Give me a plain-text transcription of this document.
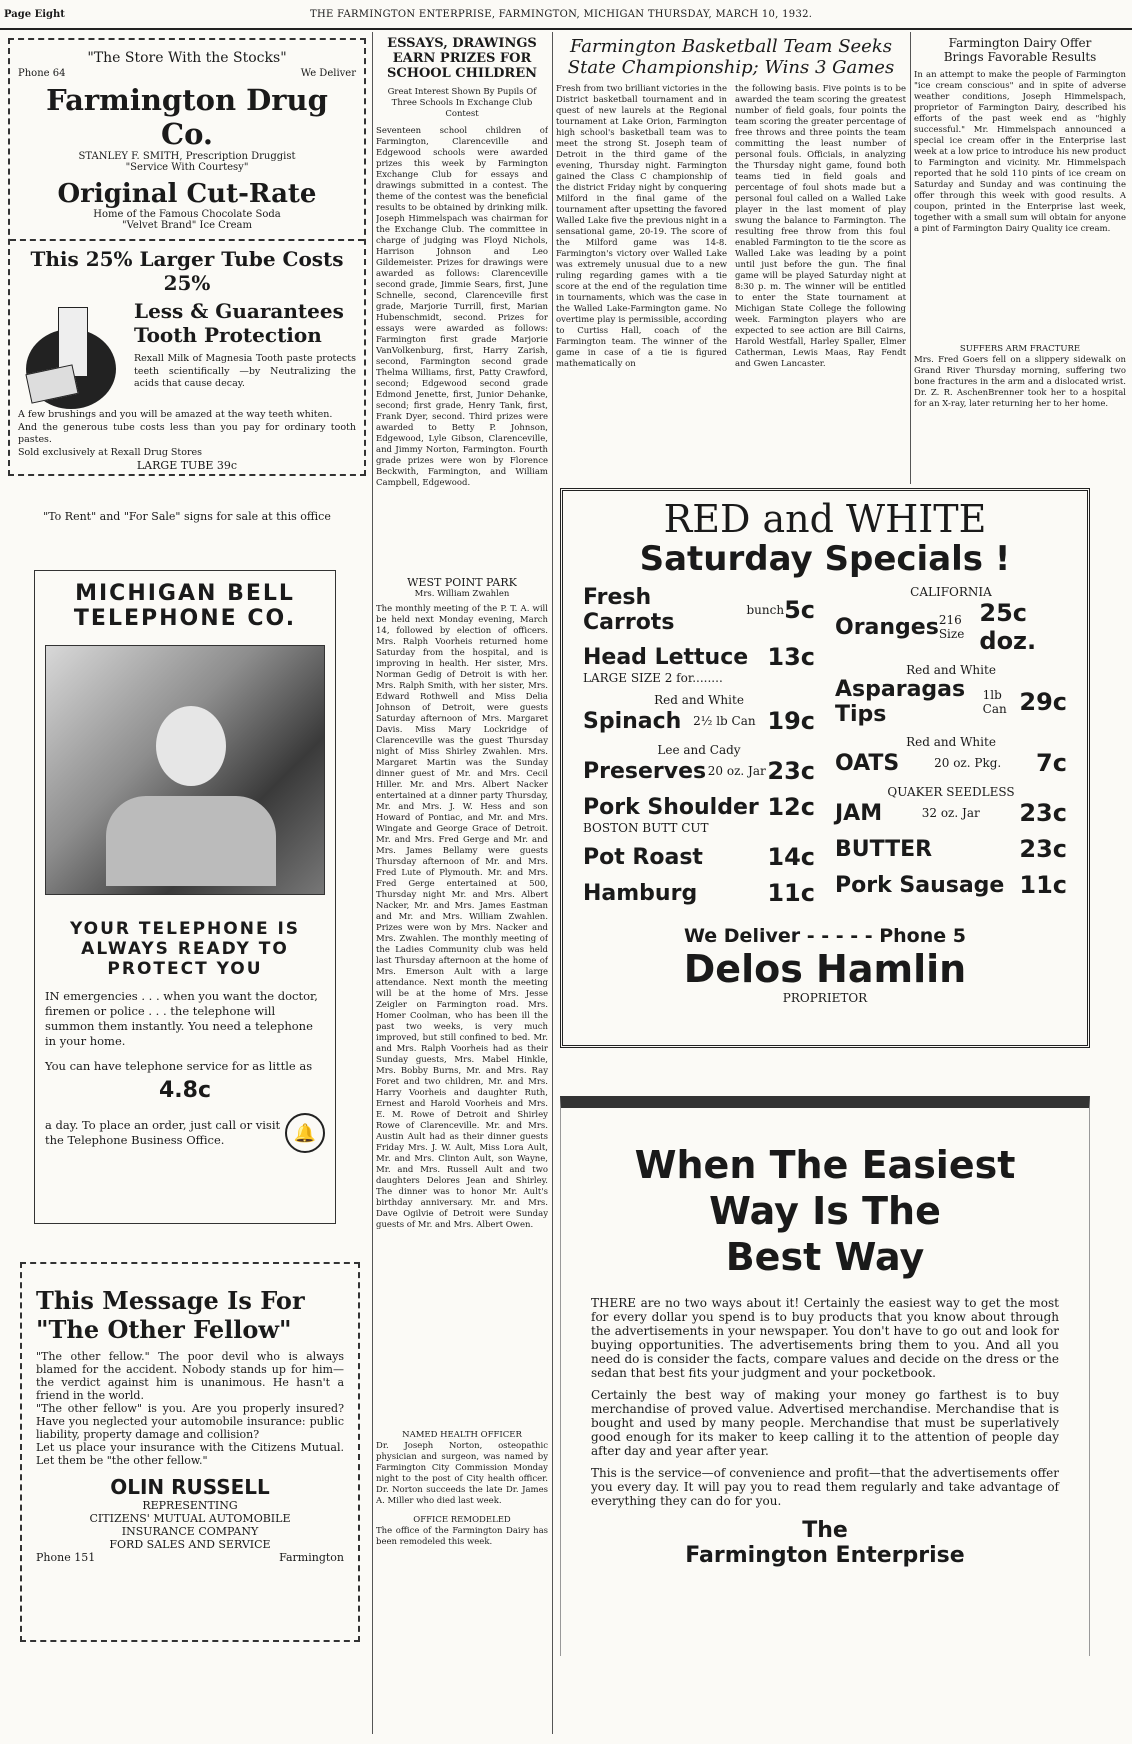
Page Eight	THE FARMINGTON ENTERPRISE, FARMINGTON, MICHIGAN THURSDAY, MARCH 10, 1932.
"The Store With the Stocks"
Phone 64	We Deliver
Farmington Drug Co.
STANLEY F. SMITH, Prescription Druggist
"Service With Courtesy"
Original Cut-Rate
Home of the Famous Chocolate Soda
"Velvet Brand" Ice Cream
This 25% Larger Tube Costs 25%
Less & Guarantees
Tooth Protection
Rexall Milk of Magnesia Tooth paste protects teeth scientifically —by Neutralizing the acids that cause decay.
A few brushings and you will be amazed at the way teeth whiten.
And the generous tube costs less than you pay for ordinary tooth pastes.
Sold exclusively at Rexall Drug Stores
LARGE TUBE 39c
"To Rent" and "For Sale" signs for sale at this office
MICHIGAN BELL
TELEPHONE CO.
YOUR TELEPHONE IS
ALWAYS READY TO
PROTECT YOU
IN emergencies . . . when you want the doctor, firemen or police . . . the telephone will summon them instantly. You need a telephone in your home.
You can have telephone service for as little as
4.8c
a day. To place an order, just call or visit the Telephone Business Office.	🔔
This Message Is For
"The Other Fellow"
"The other fellow." The poor devil who is always blamed for the accident. Nobody stands up for him—the verdict against him is unanimous. He hasn't a friend in the world.
"The other fellow" is you. Are you properly insured? Have you neglected your automobile insurance: public liability, property damage and collision?
Let us place your insurance with the Citizens Mutual. Let them be "the other fellow."
OLIN RUSSELL
REPRESENTING
CITIZENS' MUTUAL AUTOMOBILE
INSURANCE COMPANY
FORD SALES AND SERVICE
Phone 151	Farmington
ESSAYS, DRAWINGS
EARN PRIZES FOR
SCHOOL CHILDREN
Great Interest Shown By Pupils Of Three Schools In Exchange Club Contest
Seventeen school children of Farmington, Clarenceville and Edgewood schools were awarded prizes this week by Farmington Exchange Club for essays and drawings submitted in a contest. The theme of the contest was the beneficial results to be obtained by drinking milk. Joseph Himmelspach was chairman for the Exchange Club. The committee in charge of judging was Floyd Nichols, Harrison Johnson and Leo Gildemeister. Prizes for drawings were awarded as follows: Clarenceville second grade, Jimmie Sears, first, June Schnelle, second, Clarenceville first grade, Marjorie Turrill, first, Marian Hubenschmidt, second. Prizes for essays were awarded as follows: Farmington first grade Marjorie VanVolkenburg, first, Harry Zarish, second, Farmington second grade Thelma Williams, first, Patty Crawford, second; Edgewood second grade Edmond Jenette, first, Junior Dehanke, second; first grade, Henry Tank, first, Frank Dyer, second. Third prizes were awarded to Betty P. Johnson, Edgewood, Lyle Gibson, Clarenceville, and Jimmy Norton, Farmington. Fourth grade prizes were won by Florence Beckwith, Farmington, and William Campbell, Edgewood.
WEST POINT PARK
Mrs. William Zwahlen
The monthly meeting of the P. T. A. will be held next Monday evening, March 14, followed by election of officers. Mrs. Ralph Voorheis returned home Saturday from the hospital, and is improving in health. Her sister, Mrs. Norman Gedig of Detroit is with her. Mrs. Ralph Smith, with her sister, Mrs. Edward Rothwell and Miss Delia Johnson of Detroit, were guests Saturday afternoon of Mrs. Margaret Davis. Miss Mary Lockridge of Clarenceville was the guest Thursday night of Miss Shirley Zwahlen. Mrs. Margaret Martin was the Sunday dinner guest of Mr. and Mrs. Cecil Hiller. Mr. and Mrs. Albert Nacker entertained at a dinner party Thursday, Mr. and Mrs. J. W. Hess and son Howard of Pontiac, and Mr. and Mrs. Wingate and George Grace of Detroit. Mr. and Mrs. Fred Gerge and Mr. and Mrs. James Bellamy were guests Thursday afternoon of Mr. and Mrs. Fred Lute of Plymouth. Mr. and Mrs. Fred Gerge entertained at 500, Thursday night Mr. and Mrs. Albert Nacker, Mr. and Mrs. James Eastman and Mr. and Mrs. William Zwahlen. Prizes were won by Mrs. Nacker and Mrs. Zwahlen. The monthly meeting of the Ladies Community club was held last Thursday afternoon at the home of Mrs. Emerson Ault with a large attendance. Next month the meeting will be at the home of Mrs. Jesse Zeigler on Farmington road. Mrs. Homer Coolman, who has been ill the past two weeks, is very much improved, but still confined to bed. Mr. and Mrs. Ralph Voorheis had as their Sunday guests, Mrs. Mabel Hinkle, Mrs. Bobby Burns, Mr. and Mrs. Ray Foret and two children, Mr. and Mrs. Harry Voorheis and daughter Ruth, Ernest and Harold Voorheis and Mrs. E. M. Rowe of Detroit and Shirley Rowe of Clarenceville. Mr. and Mrs. Austin Ault had as their dinner guests Friday Mrs. J. W. Ault, Miss Lora Ault, Mr. and Mrs. Clinton Ault, son Wayne, Mr. and Mrs. Russell Ault and two daughters Delores Jean and Shirley. The dinner was to honor Mr. Ault's birthday anniversary. Mr. and Mrs. Dave Ogilvie of Detroit were Sunday guests of Mr. and Mrs. Albert Owen.
NAMED HEALTH OFFICER
Dr. Joseph Norton, osteopathic physician and surgeon, was named by Farmington City Commission Monday night to the post of City health officer. Dr. Norton succeeds the late Dr. James A. Miller who died last week.
OFFICE REMODELED
The office of the Farmington Dairy has been remodeled this week.
Farmington Basketball Team Seeks
State Championship; Wins 3 Games
Fresh from two brilliant victories in the District basketball tournament and in quest of new laurels at the Regional tournament at Lake Orion, Farmington high school's basketball team was to meet the strong St. Joseph team of Detroit in the third game of the evening, Thursday night. Farmington gained the Class C championship of the district Friday night by conquering Milford in the final game of the tournament after upsetting the favored Walled Lake five the previous night in a sensational game, 20-19. The score of the Milford game was 14-8. Farmington's victory over Walled Lake was extremely unusual due to a new ruling regarding games with a tie score at the end of the regulation time in tournaments, which was the case in the Walled Lake-Farmington game. No overtime play is permissible, according to Curtiss Hall, coach of the Farmington team. The winner of the game in case of a tie is figured mathematically on
the following basis. Five points is to be awarded the team scoring the greatest number of field goals, four points the team scoring the greater percentage of free throws and three points the team committing the least number of personal fouls. Officials, in analyzing the Thursday night game, found both teams tied in field goals and percentage of foul shots made but a personal foul called on a Walled Lake player in the last moment of play swung the balance to Farmington. The resulting free throw from this foul enabled Farmington to tie the score as Walled Lake was leading by a point until just before the gun. The final game will be played Saturday night at 8:30 p. m. The winner will be entitled to enter the State tournament at Michigan State College the following week. Farmington players who are expected to see action are Bill Cairns, Harold Westfall, Harley Spaller, Elmer Catherman, Lewis Maas, Ray Fendt and Gwen Lancaster.
Farmington Dairy Offer
Brings Favorable Results
In an attempt to make the people of Farmington "ice cream conscious" and in spite of adverse weather conditions, Joseph Himmelspach, proprietor of Farmington Dairy, described his efforts of the past week end as "highly successful." Mr. Himmelspach announced a special ice cream offer in the Enterprise last week at a low price to introduce his new product to Farmington and vicinity. Mr. Himmelspach reported that he sold 110 pints of ice cream on Saturday and Sunday and was continuing the offer through this week with good results. A coupon, printed in the Enterprise last week, together with a small sum will obtain for anyone a pint of Farmington Dairy Quality ice cream.
SUFFERS ARM FRACTURE
Mrs. Fred Goers fell on a slippery sidewalk on Grand River Thursday morning, suffering two bone fractures in the arm and a dislocated wrist. Dr. Z. R. AschenBrenner took her to a hospital for an X-ray, later returning her to her home.
RED and WHITE
Saturday Specials !
Fresh Carrots	bunch 5c
Head Lettuce 13c
LARGE SIZE 2 for........
Red and White
Spinach 2½ lb Can 19c
Lee and Cady
Preserves 20 oz. Jar 23c
Pork Shoulder 12c
BOSTON BUTT CUT
Pot Roast	14c
Hamburg	11c
CALIFORNIA
Oranges 216 Size
25c doz.
Red and White
Asparagas Tips
1lb Can 29c
Red and White
OATS	20 oz. Pkg. 7c
QUAKER SEEDLESS
JAM	32 oz. Jar 23c
BUTTER	23c
Pork Sausage 11c
We Deliver - - - - - Phone 5
Delos Hamlin
PROPRIETOR
When The Easiest
Way Is The
Best Way
THERE are no two ways about it! Certainly the easiest way to get the most for every dollar you spend is to buy products that you know about through the advertisements in your newspaper. You don't have to go out and look for buying opportunities. The advertisements bring them to you. And all you need do is consider the facts, compare values and decide on the dress or the sedan that best fits your judgment and your pocketbook.
Certainly the best way of making your money go farthest is to buy merchandise of proved value. Advertised merchandise. Merchandise that is bought and used by many people. Merchandise that must be superlatively good enough for its maker to keep calling it to the attention of people day after day and year after year.
This is the service—of convenience and profit—that the advertisements offer you every day. It will pay you to read them regularly and take advantage of everything they can do for you.
The
Farmington Enterprise
